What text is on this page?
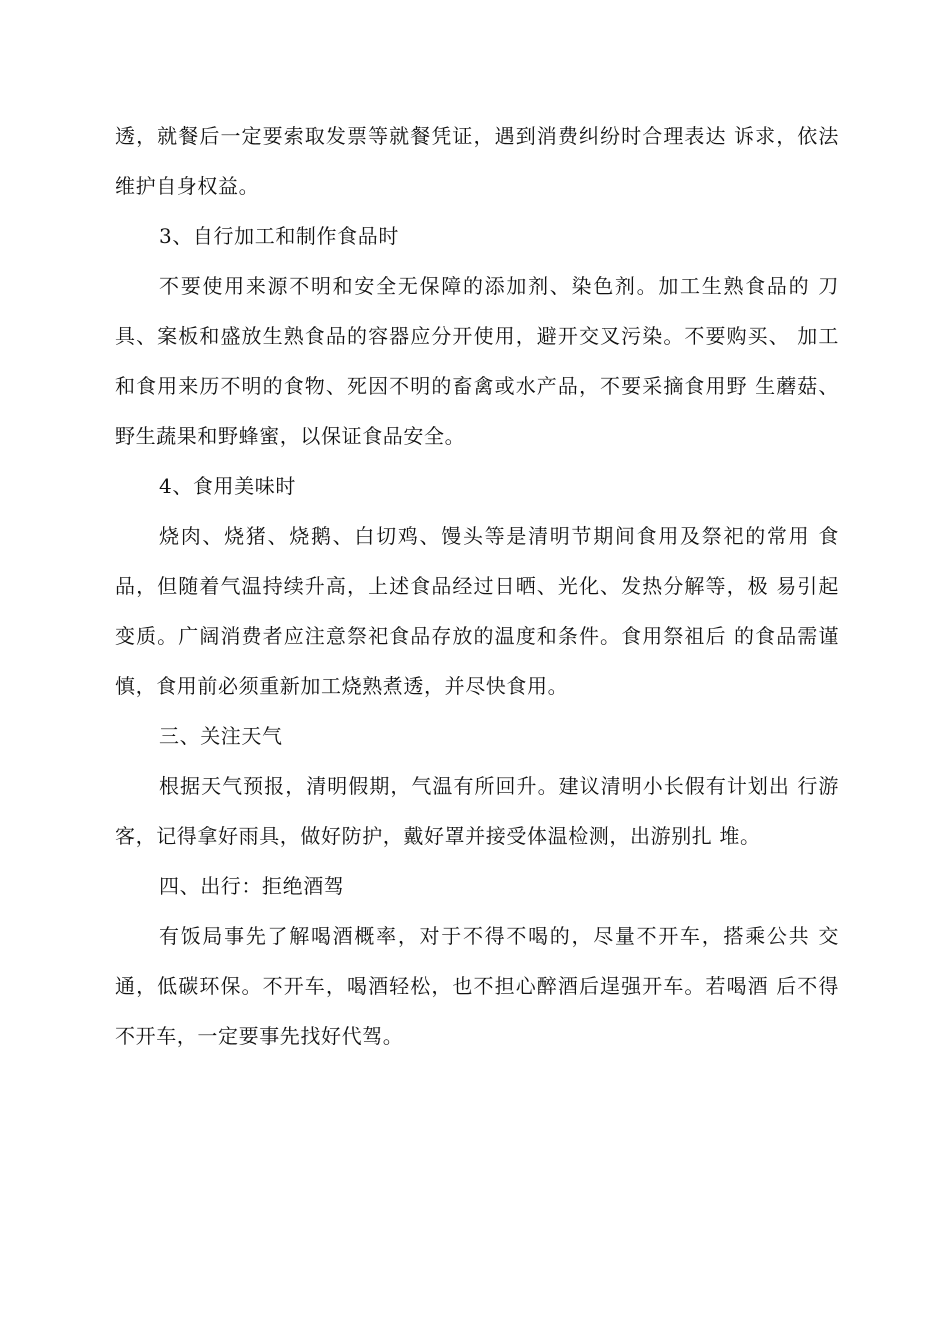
透，就餐后一定要索取发票等就餐凭证，遇到消费纠纷时合理表达 诉求，依法维护自身权益。

3、自行加工和制作食品时

不要使用来源不明和安全无保障的添加剂、染色剂。加工生熟食品的 刀具、案板和盛放生熟食品的容器应分开使用，避开交叉污染。不要购买、 加工和食用来历不明的食物、死因不明的畜禽或水产品，不要采摘食用野 生蘑菇、野生蔬果和野蜂蜜，以保证食品安全。

4、食用美味时

烧肉、烧猪、烧鹅、白切鸡、馒头等是清明节期间食用及祭祀的常用 食品，但随着气温持续升高，上述食品经过日晒、光化、发热分解等，极 易引起变质。广阔消费者应注意祭祀食品存放的温度和条件。食用祭祖后 的食品需谨慎，食用前必须重新加工烧熟煮透，并尽快食用。

三、关注天气

根据天气预报，清明假期，气温有所回升。建议清明小长假有计划出 行游客，记得拿好雨具，做好防护，戴好罩并接受体温检测，出游别扎 堆。

四、出行：拒绝酒驾

有饭局事先了解喝酒概率，对于不得不喝的，尽量不开车，搭乘公共 交通，低碳环保。不开车，喝酒轻松，也不担心醉酒后逞强开车。若喝酒 后不得不开车，一定要事先找好代驾。
